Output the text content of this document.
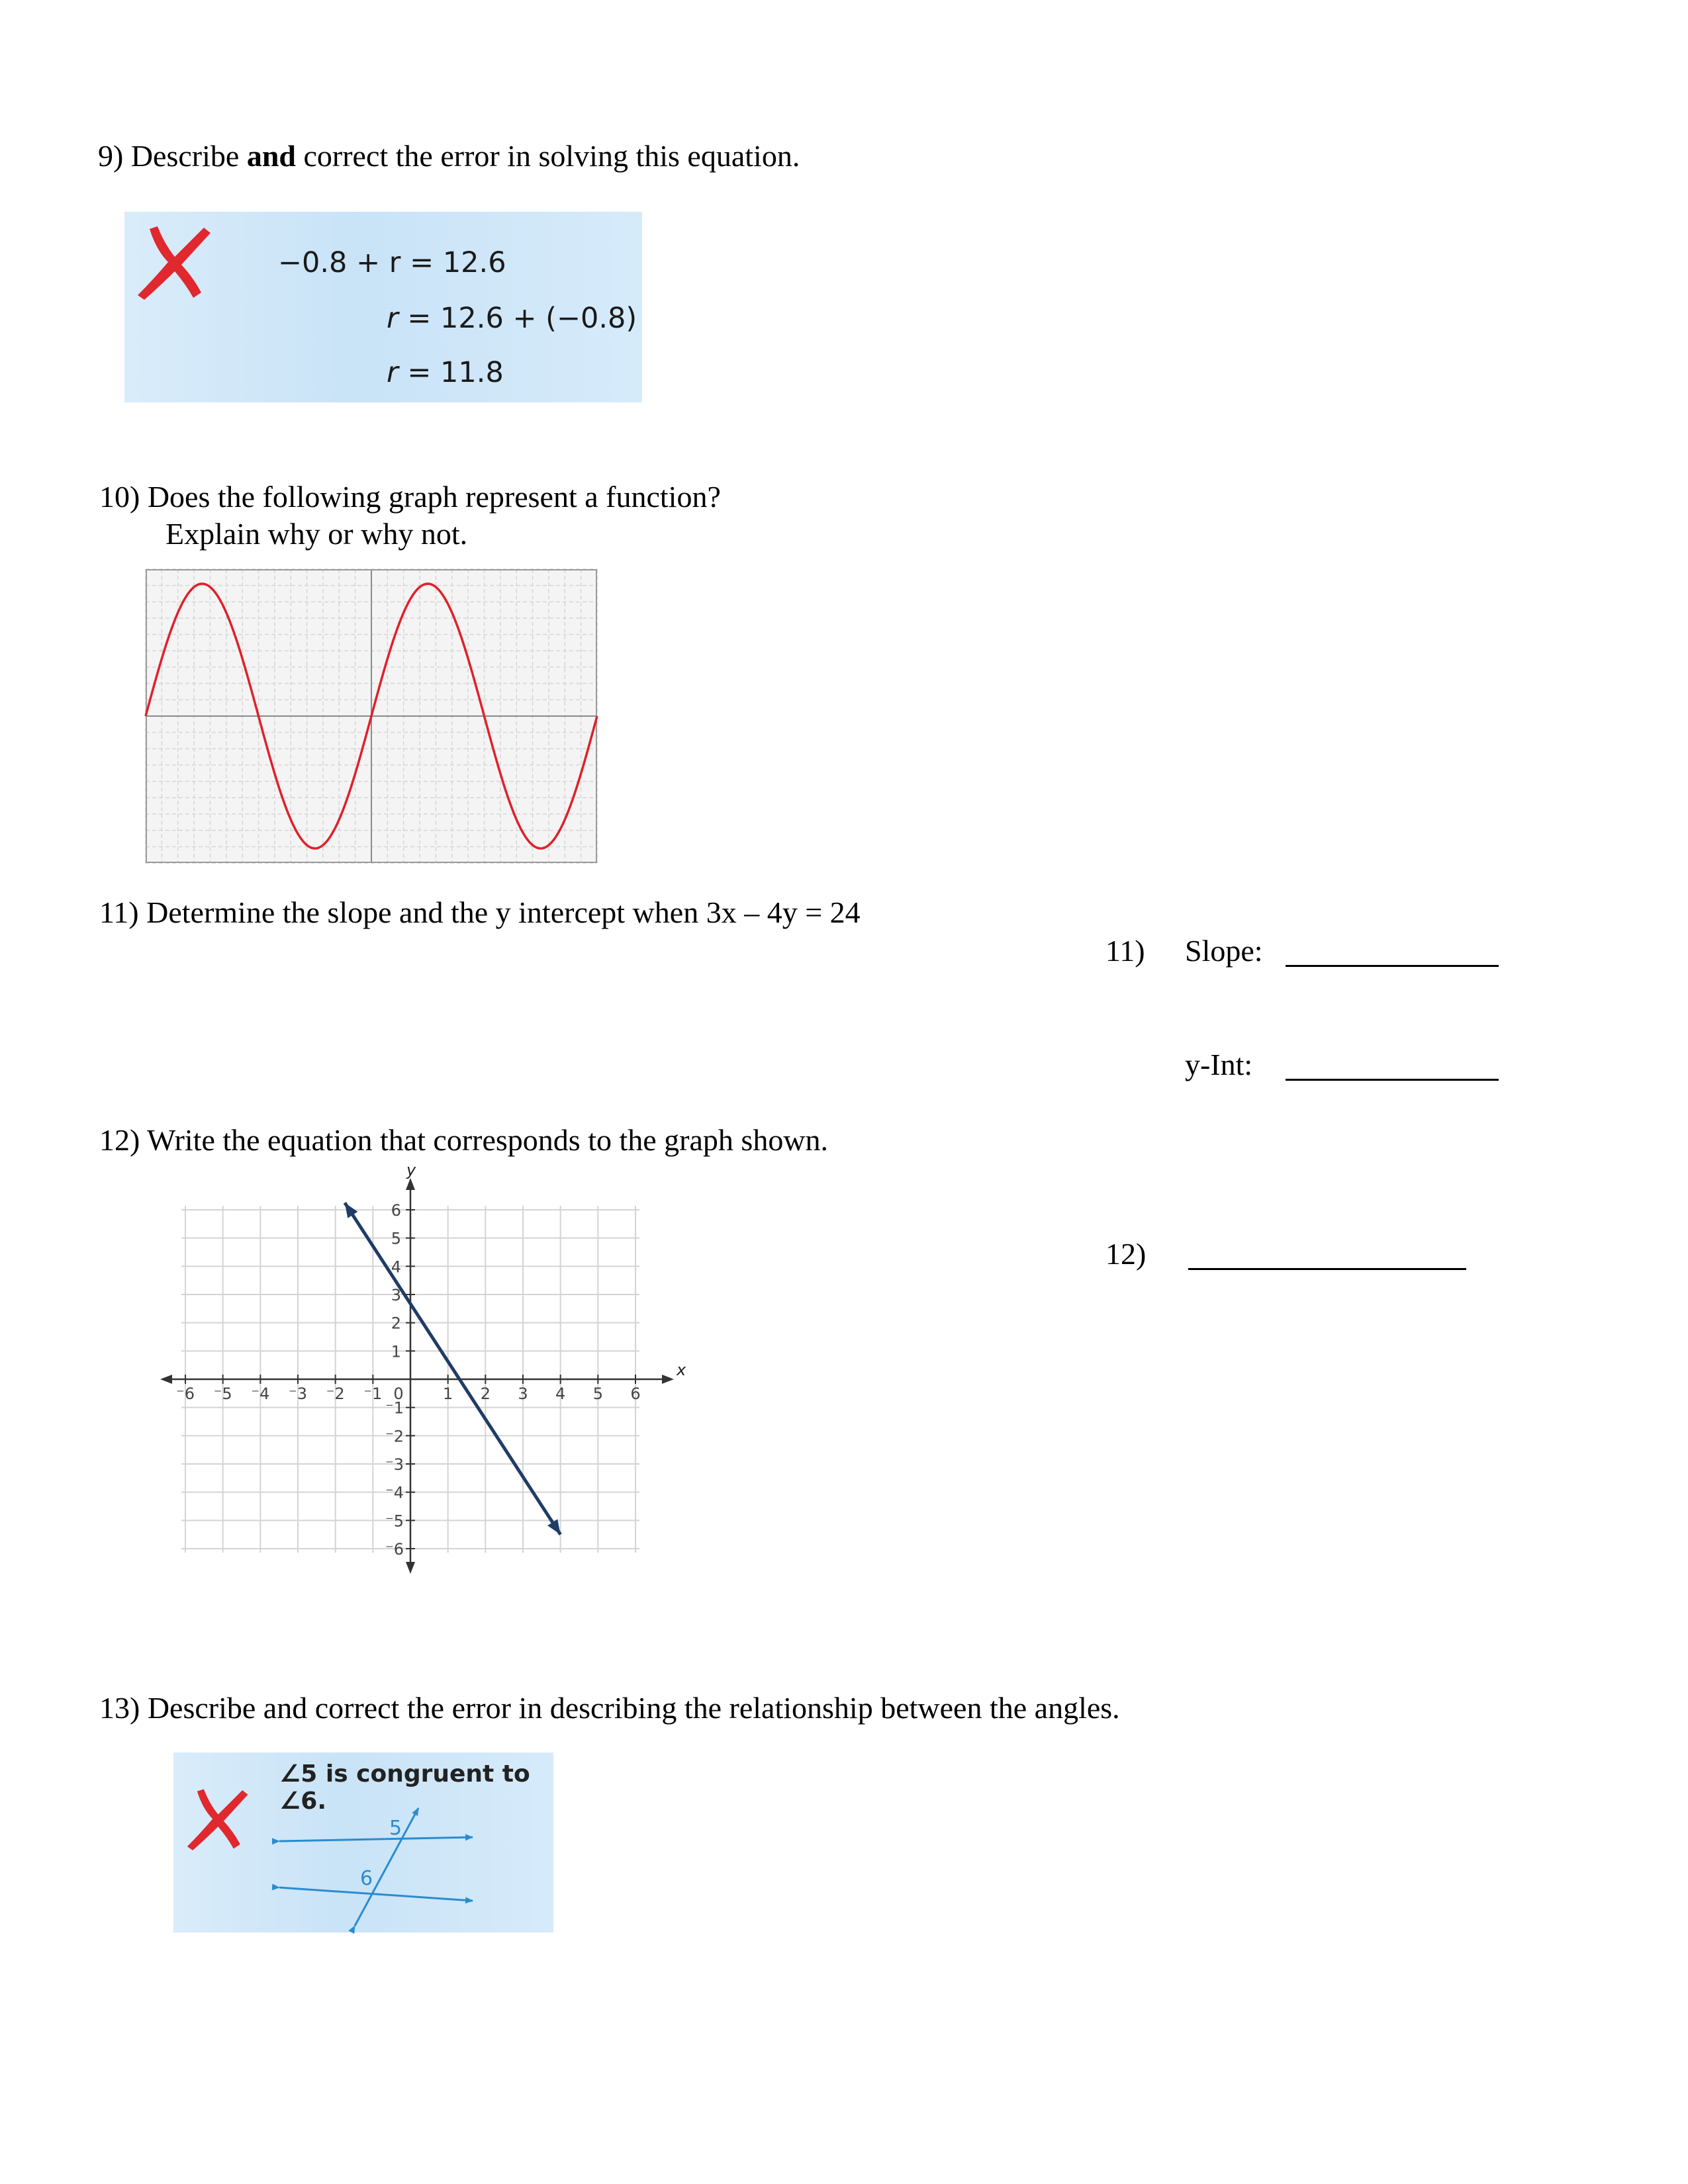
9) Describe and correct the error in solving this equation.
−0.8 + r = 12.6
r = 12.6 + (−0.8)
r = 11.8
10) Does the following graph represent a function?
Explain why or why not.
11) Determine the slope and the y intercept when 3x – 4y = 24
11) Slope:
y-Int:
12) Write the equation that corresponds to the graph shown.
12)
x
y
⁻6 ⁻5 ⁻4 ⁻3 ⁻2 ⁻1 0 1 2 3 4 5 6
1
2
3
4
5
6
⁻1
⁻2
⁻3
⁻4
⁻5
⁻6
13) Describe and correct the error in describing the relationship between the angles.
∠5 is congruent to ∠6.
5
6
